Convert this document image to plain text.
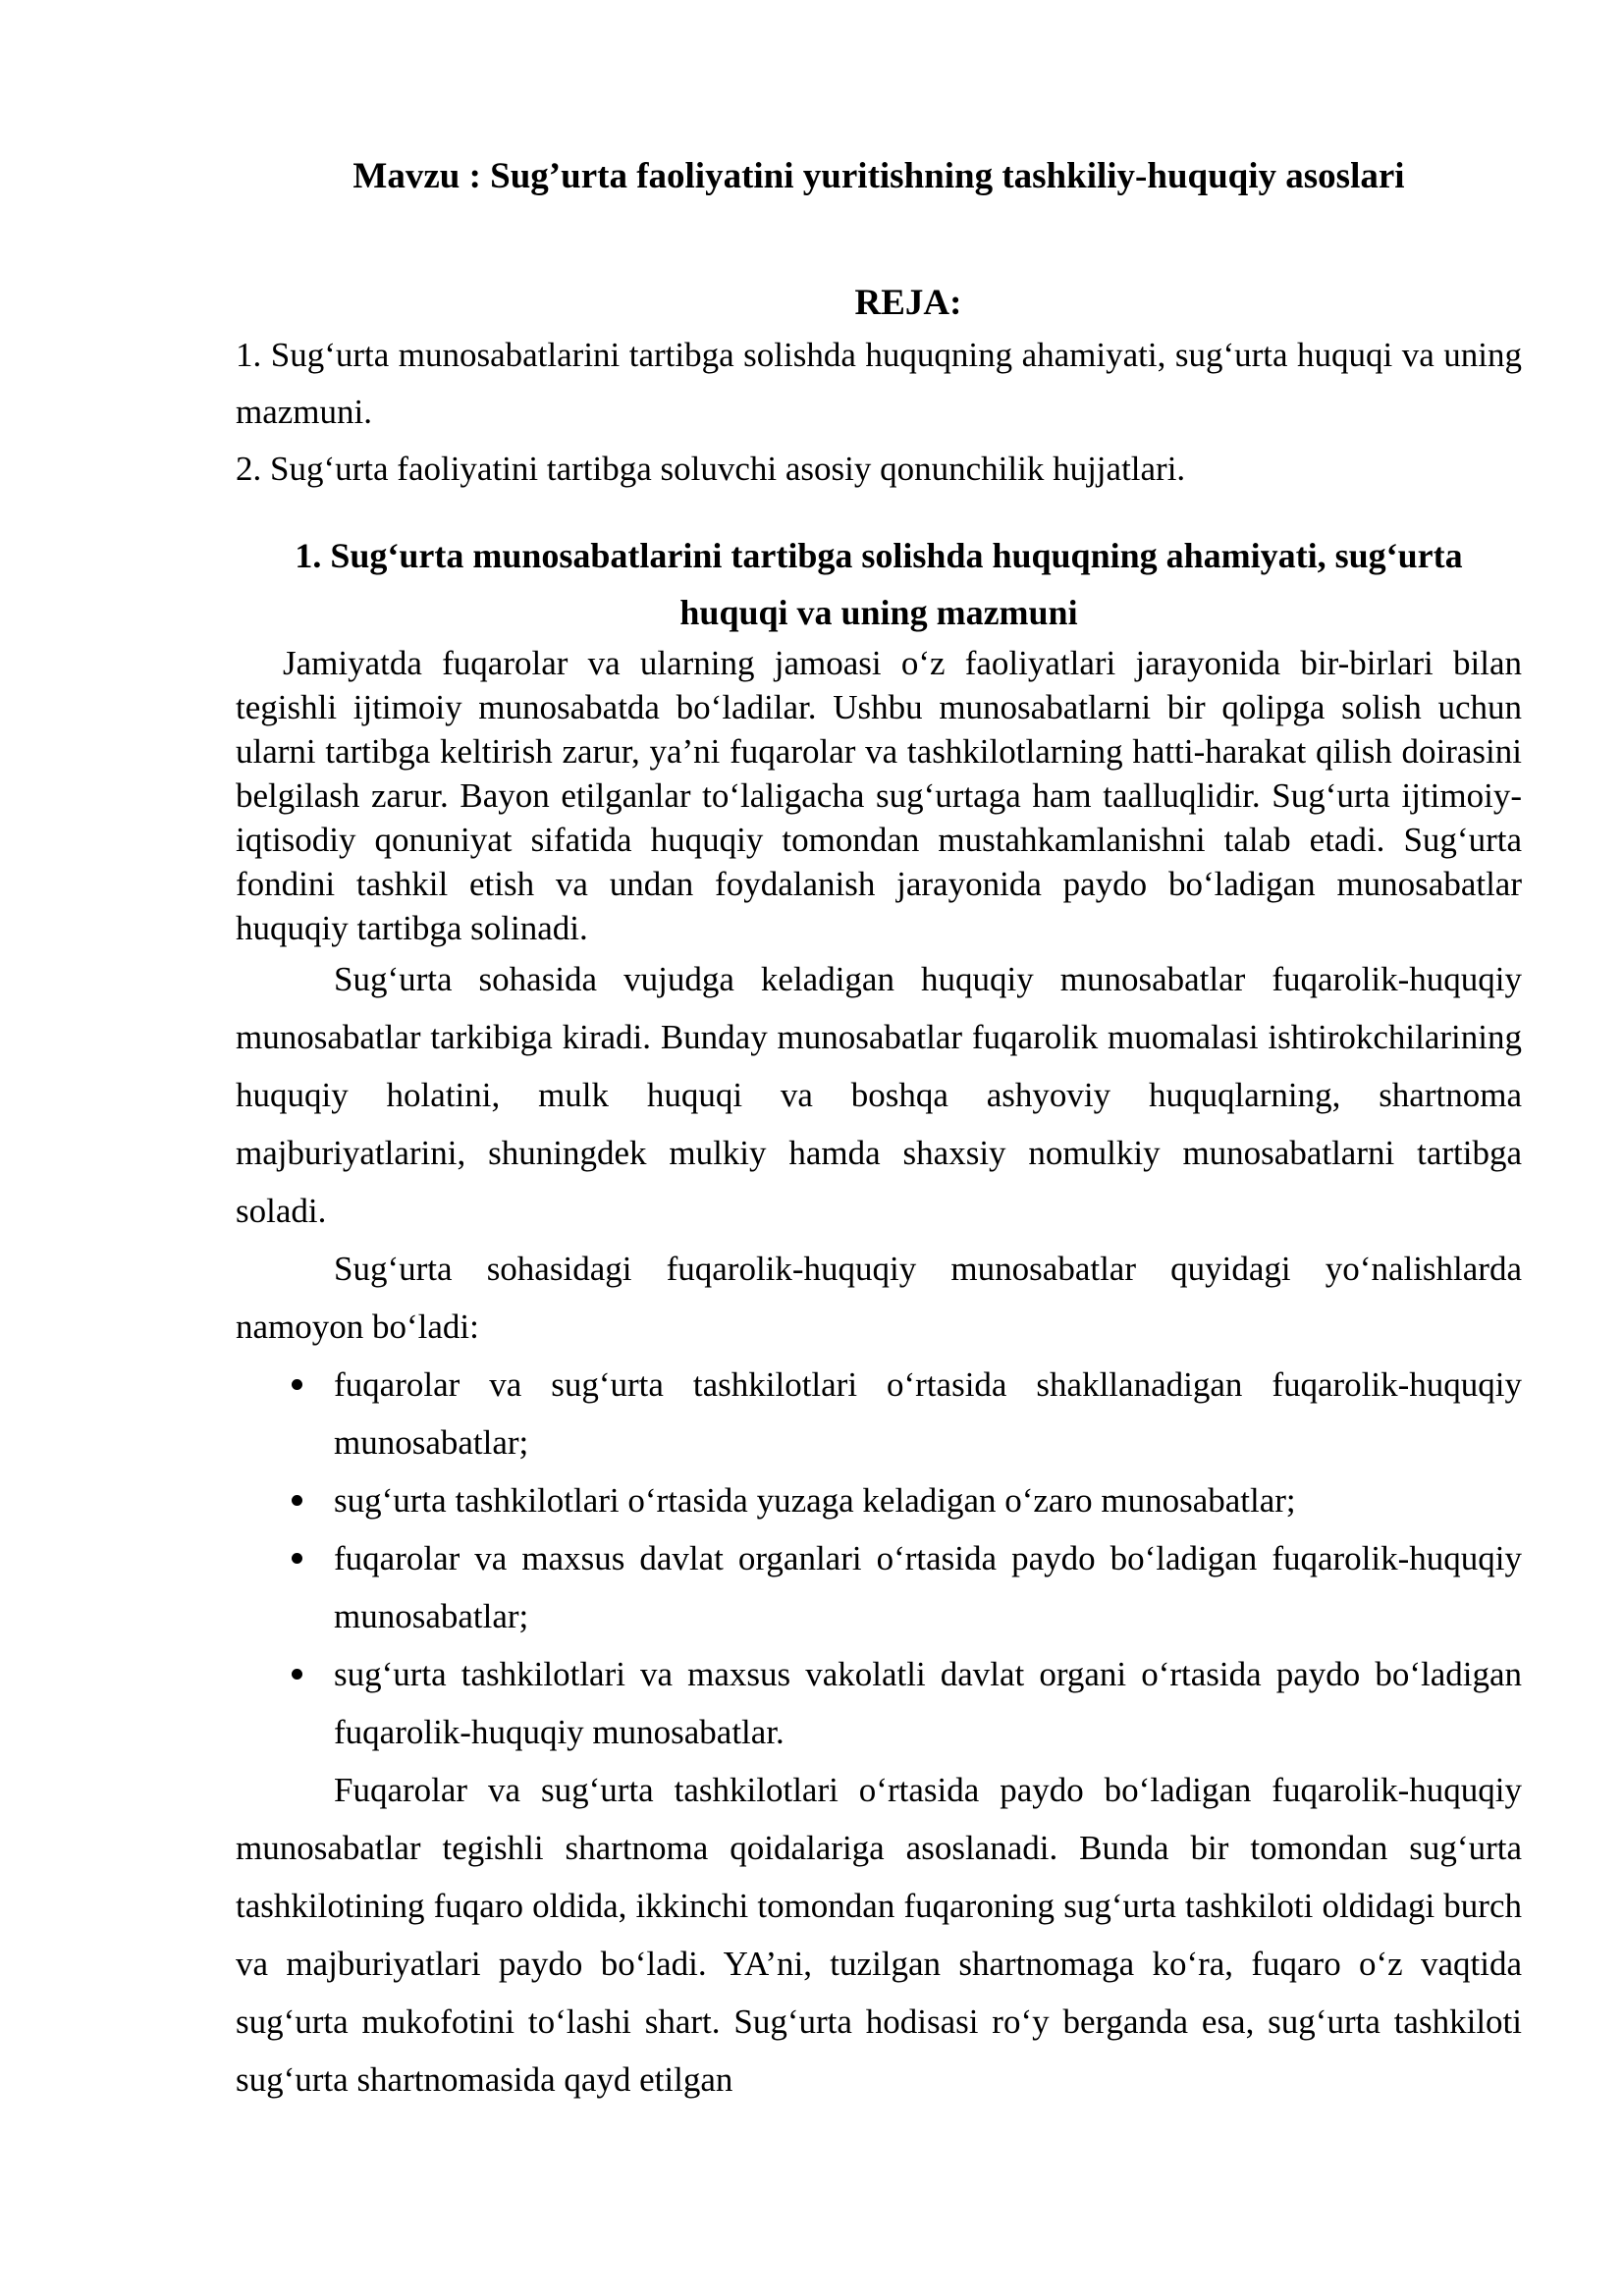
Mavzu : Sug’urta faoliyatini yuritishning tashkiliy-huquqiy asoslari
REJA:

1. Sug‘urta munosabatlarini tartibga solishda huquqning ahamiyati, sug‘urta huquqi va uning mazmuni.

2. Sug‘urta faoliyatini tartibga soluvchi asosiy qonunchilik hujjatlari.

1. Sug‘urta munosabatlarini tartibga solishda huquqning ahamiyati, sug‘urta
huquqi va uning mazmuni

Jamiyatda fuqarolar va ularning jamoasi o‘z faoliyatlari jarayonida bir-birlari bilan tegishli ijtimoiy munosabatda bo‘ladilar. Ushbu munosabatlarni bir qolipga solish uchun ularni tartibga keltirish zarur, ya’ni fuqarolar va tashkilotlarning hatti-harakat qilish doirasini belgilash zarur. Bayon etilganlar to‘laligacha sug‘urtaga ham taalluqlidir. Sug‘urta ijtimoiy-iqtisodiy qonuniyat sifatida huquqiy tomondan mustahkamlanishni talab etadi. Sug‘urta fondini tashkil etish va undan foydalanish jarayonida paydo bo‘ladigan munosabatlar huquqiy tartibga solinadi.

Sug‘urta sohasida vujudga keladigan huquqiy munosabatlar fuqarolik-huquqiy munosabatlar tarkibiga kiradi. Bunday munosabatlar fuqarolik muomalasi ishtirokchilarining huquqiy holatini, mulk huquqi va boshqa ashyoviy huquqlarning, shartnoma majburiyatlarini, shuningdek mulkiy hamda shaxsiy nomulkiy munosabatlarni tartibga soladi.

Sug‘urta sohasidagi fuqarolik-huquqiy munosabatlar quyidagi yo‘nalishlarda namoyon bo‘ladi:

fuqarolar va sug‘urta tashkilotlari o‘rtasida shakllanadigan fuqarolik-huquqiy munosabatlar;
sug‘urta tashkilotlari o‘rtasida yuzaga keladigan o‘zaro munosabatlar;
fuqarolar va maxsus davlat organlari o‘rtasida paydo bo‘ladigan fuqarolik-huquqiy munosabatlar;
sug‘urta tashkilotlari va maxsus vakolatli davlat organi o‘rtasida paydo bo‘ladigan fuqarolik-huquqiy munosabatlar.

Fuqarolar va sug‘urta tashkilotlari o‘rtasida paydo bo‘ladigan fuqarolik-huquqiy munosabatlar tegishli shartnoma qoidalariga asoslanadi. Bunda bir tomondan sug‘urta tashkilotining fuqaro oldida, ikkinchi tomondan fuqaroning sug‘urta tashkiloti oldidagi burch va majburiyatlari paydo bo‘ladi. YA’ni, tuzilgan shartnomaga ko‘ra, fuqaro o‘z vaqtida sug‘urta mukofotini to‘lashi shart. Sug‘urta hodisasi ro‘y berganda esa, sug‘urta tashkiloti sug‘urta shartnomasida qayd etilgan
